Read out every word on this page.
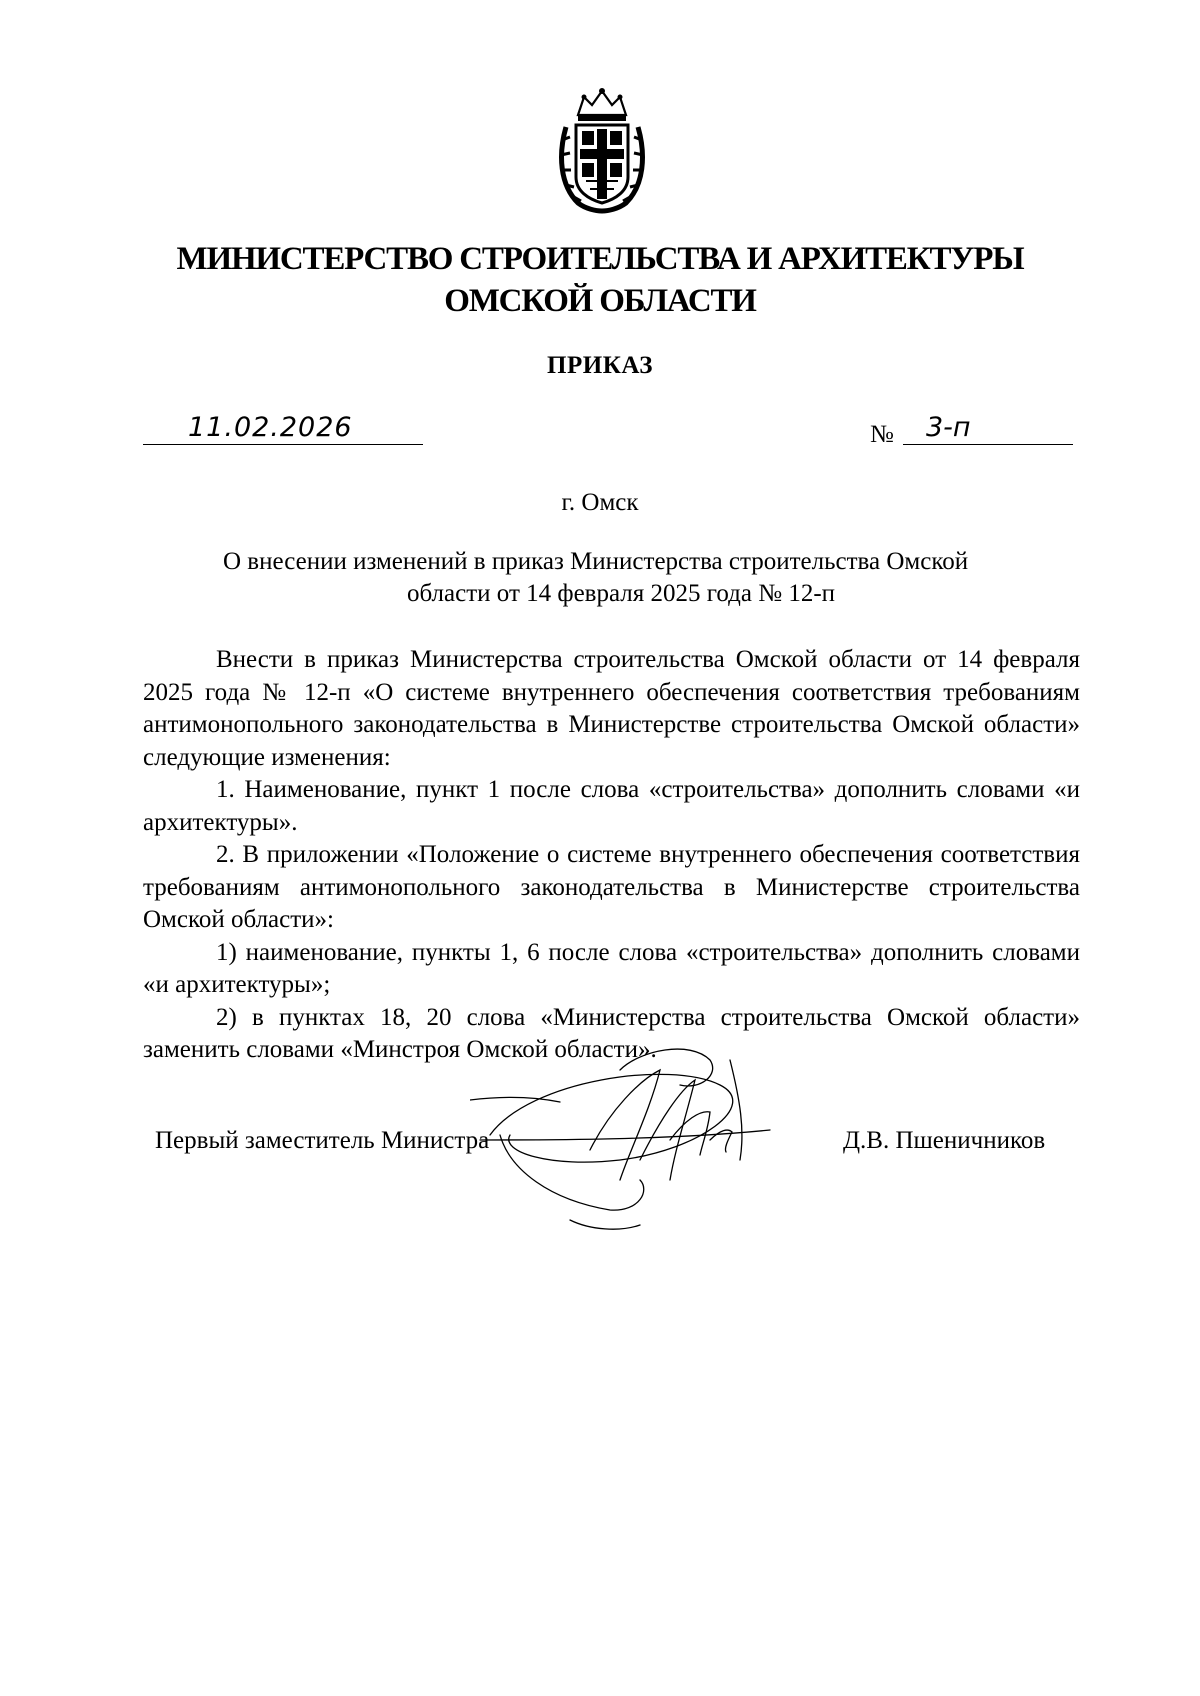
МИНИСТЕРСТВО СТРОИТЕЛЬСТВА И АРХИТЕКТУРЫ
ОМСКОЙ ОБЛАСТИ
ПРИКАЗ
11.02.2026	№ 3-п
г. Омск
О внесении изменений в приказ Министерства строительства Омской
области от 14 февраля 2025 года № 12-п

Внести в приказ Министерства строительства Омской области от 14 февраля 2025 года № 12-п «О системе внутреннего обеспечения соответствия требованиям антимонопольного законодательства в Министерстве строительства Омской области» следующие изменения:

1. Наименование, пункт 1 после слова «строительства» дополнить словами «и архитектуры».

2. В приложении «Положение о системе внутреннего обеспечения соответствия требованиям антимонопольного законодательства в Министерстве строительства Омской области»:

1) наименование, пункты 1, 6 после слова «строительства» дополнить словами «и архитектуры»;

2) в пунктах 18, 20 слова «Министерства строительства Омской области» заменить словами «Минстроя Омской области».

Первый заместитель Министра	Д.В. Пшеничников
